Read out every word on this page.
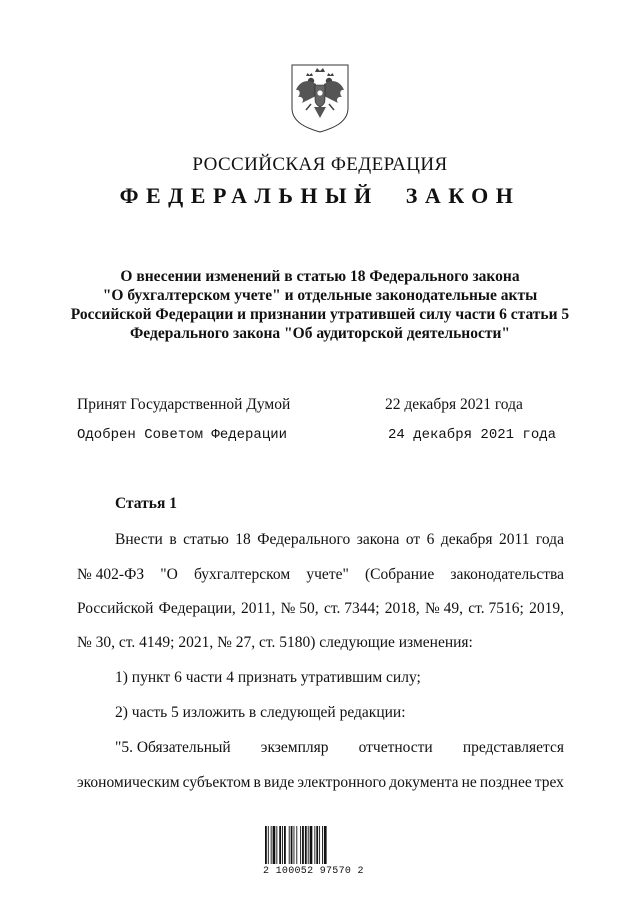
РОССИЙСКАЯ ФЕДЕРАЦИЯ
ФЕДЕРАЛЬНЫЙ ЗАКОН
О внесении изменений в статью 18 Федерального закона
"О бухгалтерском учете" и отдельные законодательные акты
Российской Федерации и признании утратившей силу части 6 статьи 5
Федерального закона "Об аудиторской деятельности"
Принят Государственной Думой	22 декабря 2021 года
Одобрен Советом Федерации	24 декабря 2021 года
Статья 1
Внести в статью 18 Федерального закона от 6 декабря 2011 года
№ 402-ФЗ "О бухгалтерском учете" (Собрание законодательства
Российской Федерации, 2011, № 50, ст. 7344; 2018, № 49, ст. 7516; 2019,
№ 30, ст. 4149; 2021, № 27, ст. 5180) следующие изменения:
1) пункт 6 части 4 признать утратившим силу;
2) часть 5 изложить в следующей редакции:
"5. Обязательный экземпляр отчетности представляется
экономическим субъектом в виде электронного документа не позднее трех
2 100052 97570 2
